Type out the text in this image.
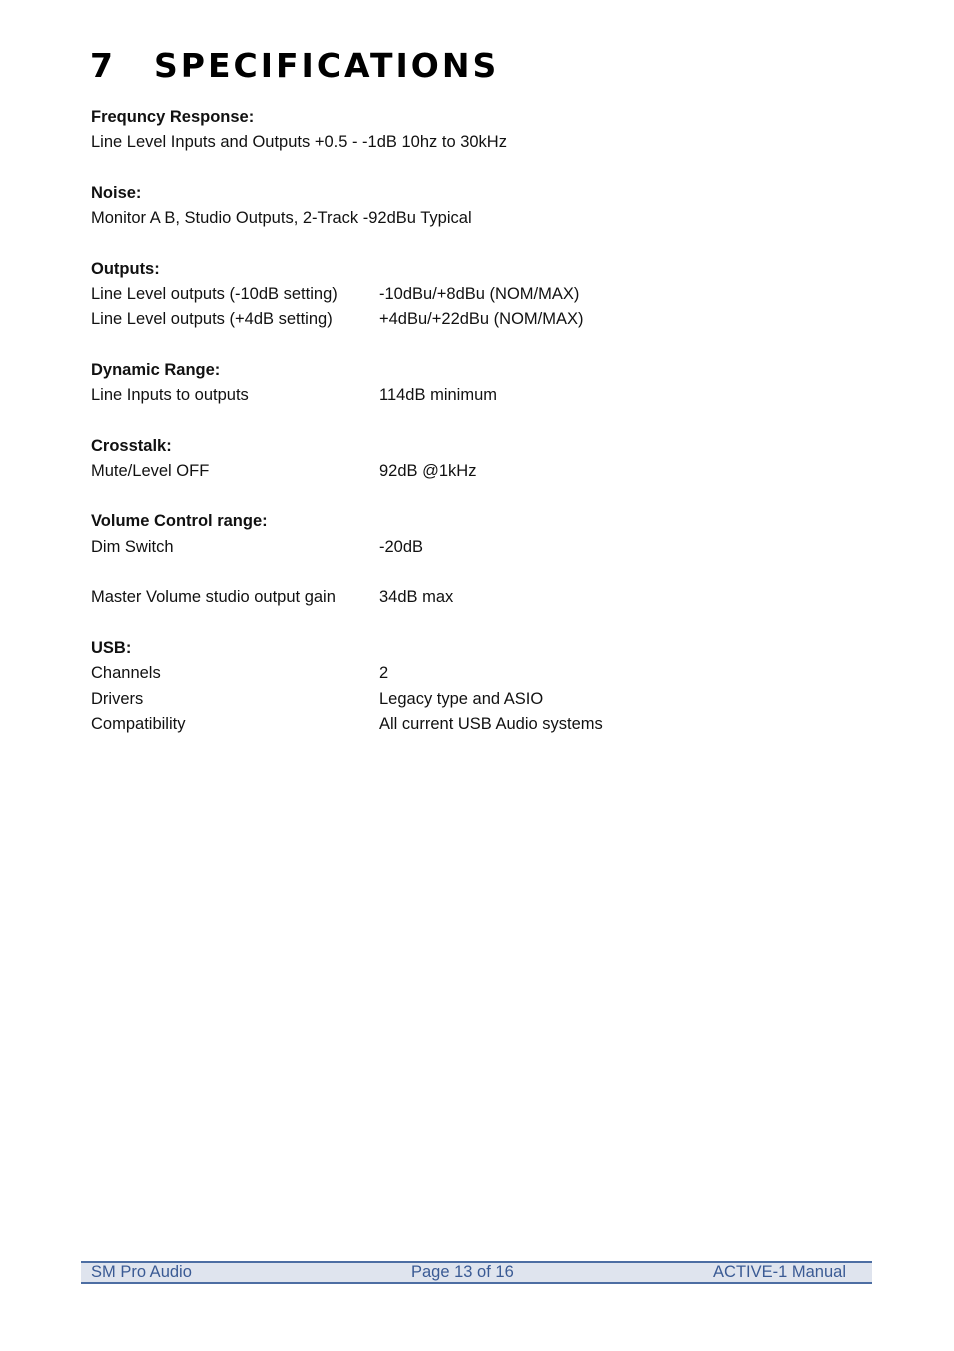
7 SPECIFICATIONS
Frequncy Response:
Line Level Inputs and Outputs +0.5 - -1dB 10hz to 30kHz
Noise:
Monitor A B, Studio Outputs, 2-Track -92dBu Typical
Outputs:
Line Level outputs (-10dB setting)	-10dBu/+8dBu (NOM/MAX)
Line Level outputs (+4dB setting)	+4dBu/+22dBu (NOM/MAX)
Dynamic Range:
Line Inputs to outputs	114dB minimum
Crosstalk:
Mute/Level OFF	92dB @1kHz
Volume Control range:
Dim Switch	-20dB
Master Volume studio output gain	34dB max
USB:
Channels	2
Drivers	Legacy type and ASIO
Compatibility	All current USB Audio systems
SM Pro Audio	Page 13 of 16	ACTIVE-1 Manual
